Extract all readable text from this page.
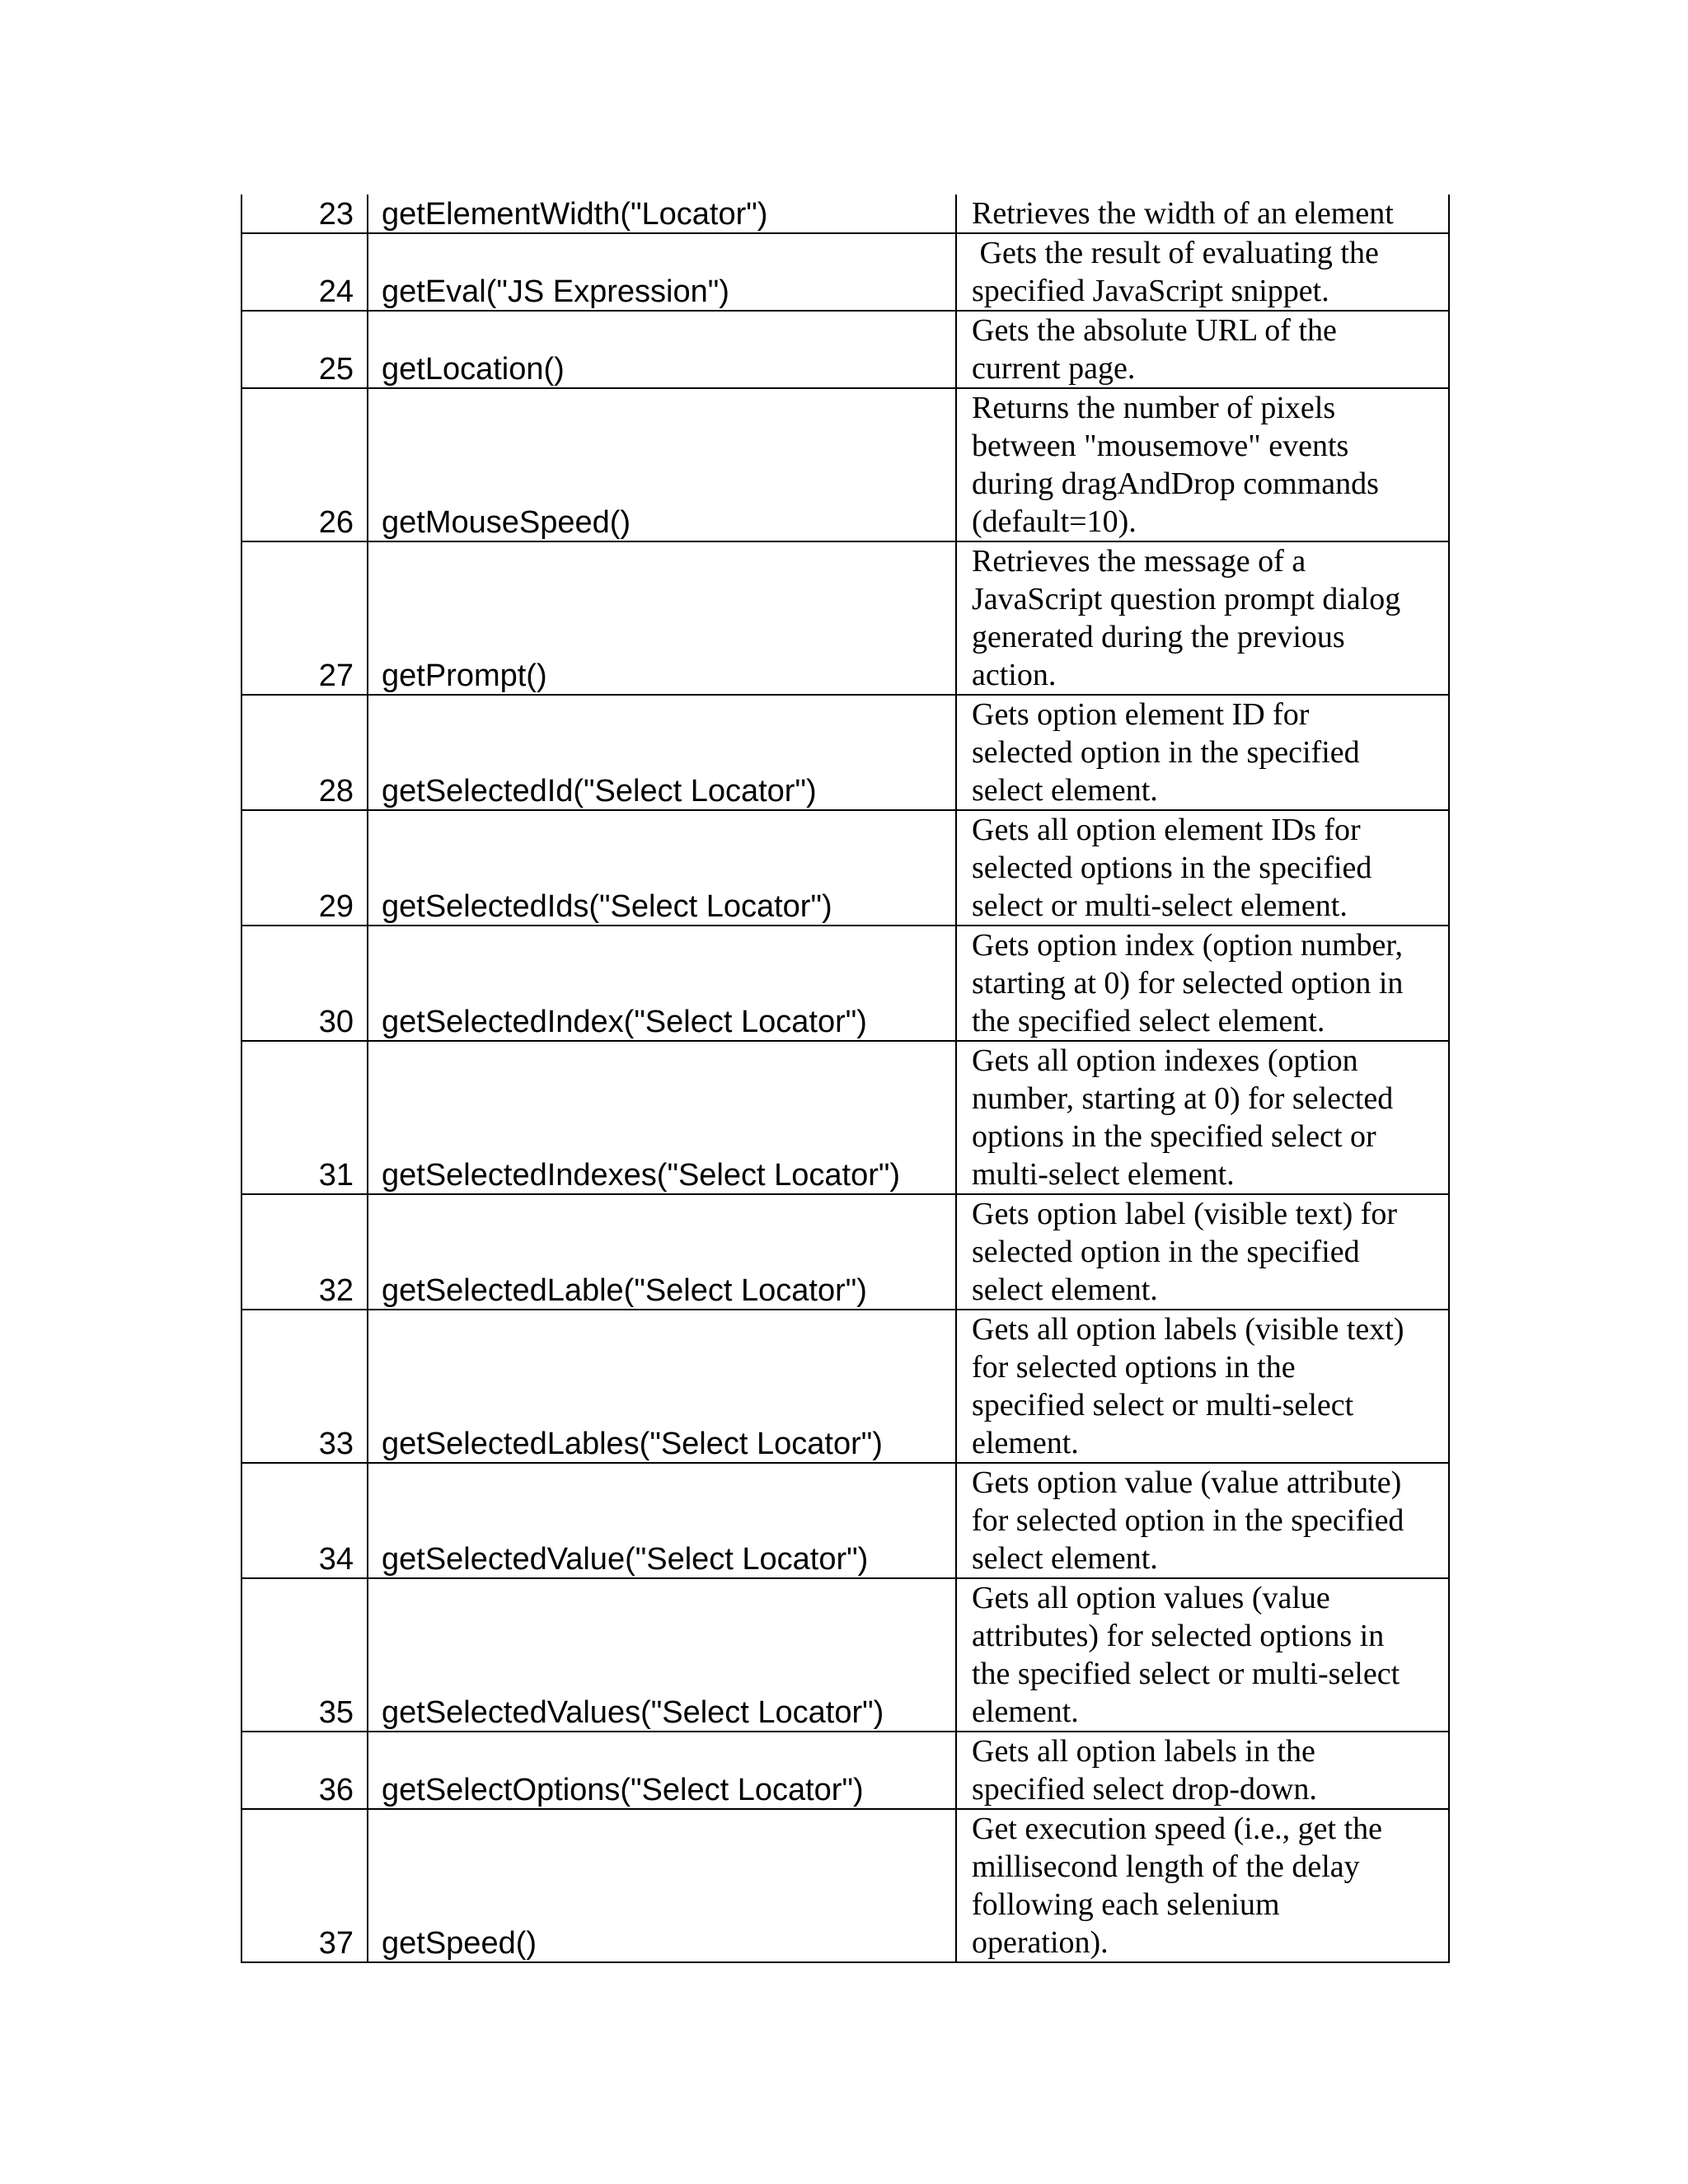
23	getElementWidth("Locator")	Retrieves the width of an element

24	getEval("JS Expression")	Gets the result of evaluating the
specified JavaScript snippet.

25	getLocation()	Gets the absolute URL of the
current page.

26	getMouseSpeed()	Returns the number of pixels
between "mousemove" events
during dragAndDrop commands
(default=10).

27	getPrompt()	Retrieves the message of a
JavaScript question prompt dialog
generated during the previous
action.

28	getSelectedId("Select Locator")	Gets option element ID for
selected option in the specified
select element.

29	getSelectedIds("Select Locator")	Gets all option element IDs for
selected options in the specified
select or multi-select element.

30	getSelectedIndex("Select Locator")	Gets option index (option number,
starting at 0) for selected option in
the specified select element.

31	getSelectedIndexes("Select Locator")	Gets all option indexes (option
number, starting at 0) for selected
options in the specified select or
multi-select element.

32	getSelectedLable("Select Locator")	Gets option label (visible text) for
selected option in the specified
select element.

33	getSelectedLables("Select Locator")	Gets all option labels (visible text)
for selected options in the
specified select or multi-select
element.

34	getSelectedValue("Select Locator")	Gets option value (value attribute)
for selected option in the specified
select element.

35	getSelectedValues("Select Locator")	Gets all option values (value
attributes) for selected options in
the specified select or multi-select
element.

36	getSelectOptions("Select Locator")	Gets all option labels in the
specified select drop-down.

37	getSpeed()	Get execution speed (i.e., get the
millisecond length of the delay
following each selenium
operation).
